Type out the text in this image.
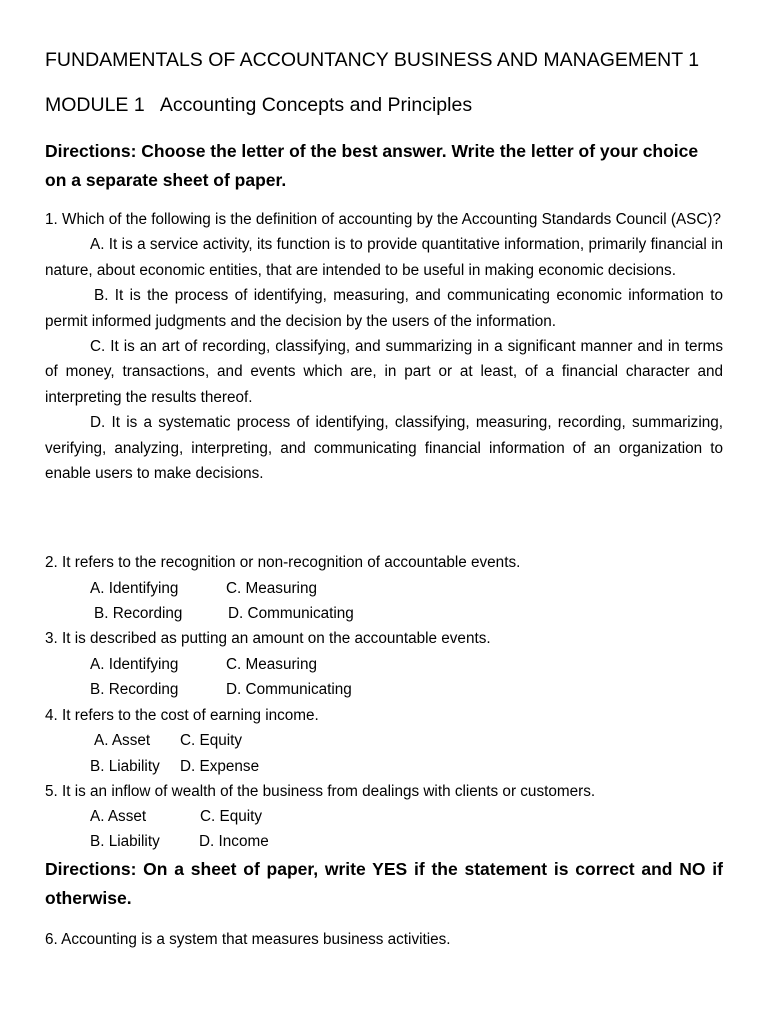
FUNDAMENTALS OF ACCOUNTANCY BUSINESS AND MANAGEMENT 1
MODULE 1 Accounting Concepts and Principles
Directions: Choose the letter of the best answer. Write the letter of your choice on a separate sheet of paper.

1. Which of the following is the definition of accounting by the Accounting Standards Council (ASC)?

A. It is a service activity, its function is to provide quantitative information, primarily financial in nature, about economic entities, that are intended to be useful in making economic decisions.

B. It is the process of identifying, measuring, and communicating economic information to permit informed judgments and the decision by the users of the information.

C. It is an art of recording, classifying, and summarizing in a significant manner and in terms of money, transactions, and events which are, in part or at least, of a financial character and interpreting the results thereof.

D. It is a systematic process of identifying, classifying, measuring, recording, summarizing, verifying, analyzing, interpreting, and communicating financial information of an organization to enable users to make decisions.

2. It refers to the recognition or non-recognition of accountable events.
A. Identifying	C. Measuring
B. Recording	D. Communicating
3. It is described as putting an amount on the accountable events.
A. Identifying	C. Measuring
B. Recording	D. Communicating
4. It refers to the cost of earning income.
A. Asset C. Equity
B. Liability D. Expense
5. It is an inflow of wealth of the business from dealings with clients or customers.
A. Asset	C. Equity
B. Liability	D. Income
Directions: On a sheet of paper, write YES if the statement is correct and NO if otherwise.
6. Accounting is a system that measures business activities.
